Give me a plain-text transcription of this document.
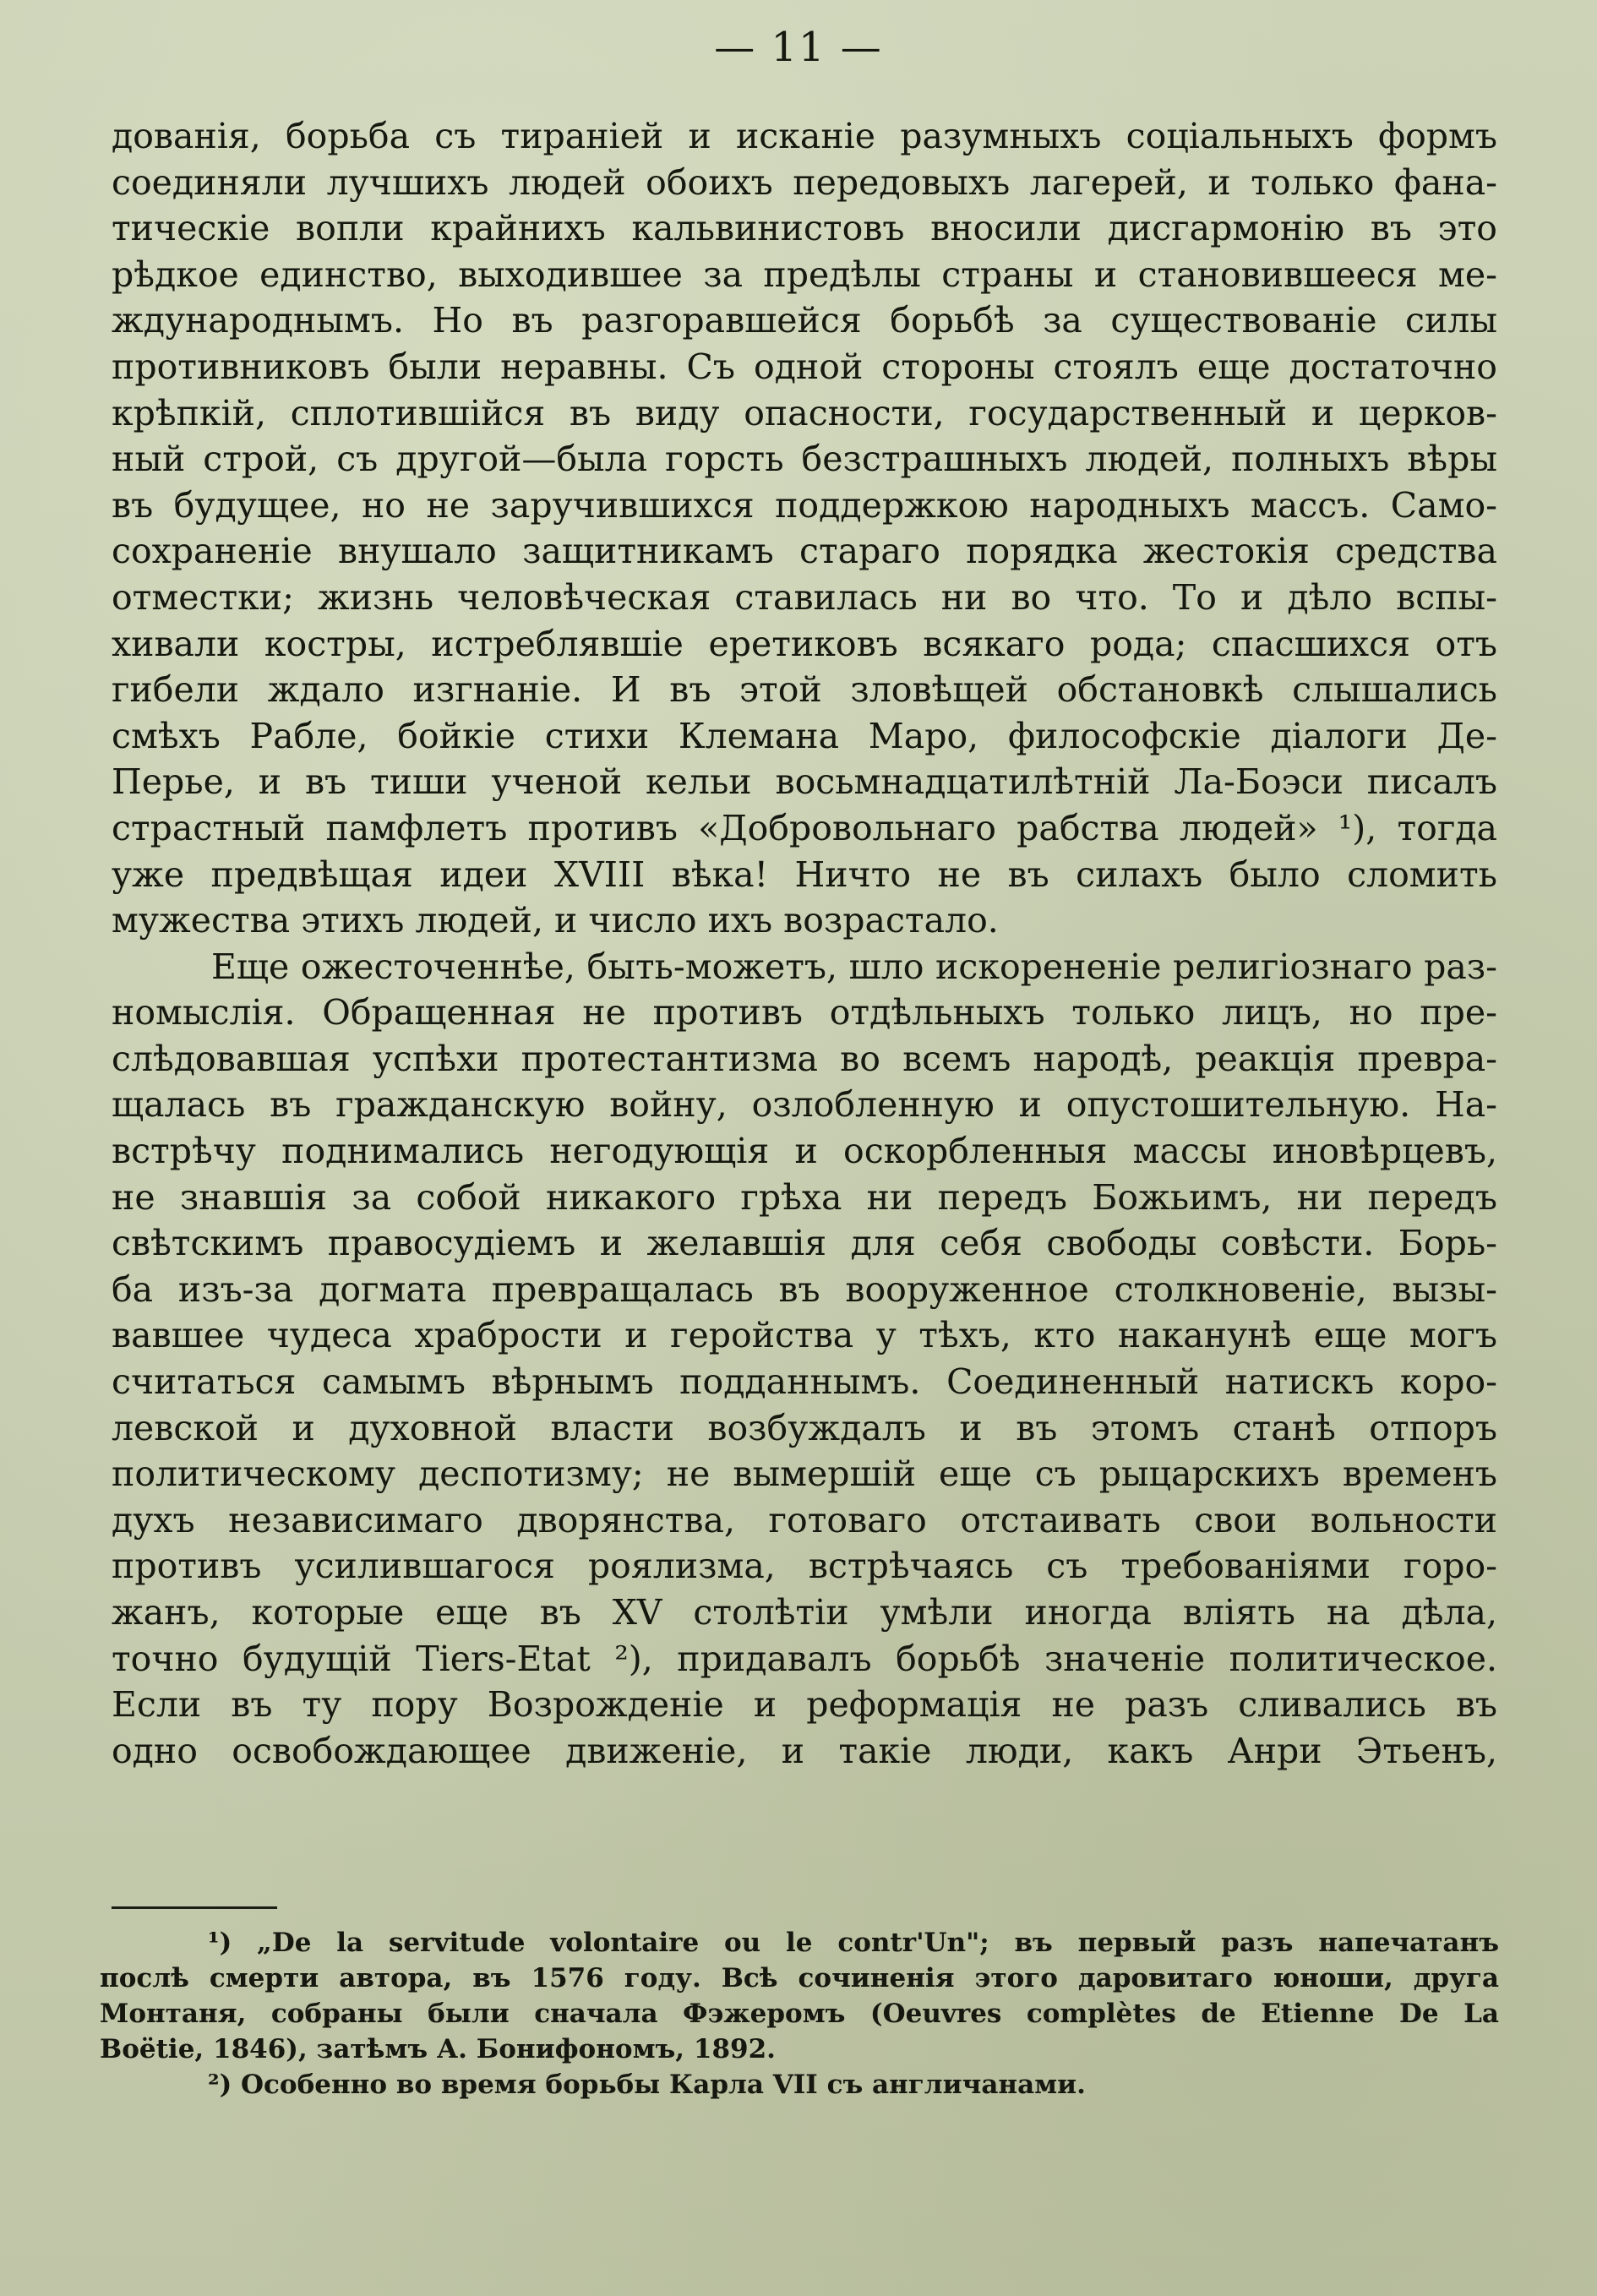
— 11 —
дованія, борьба съ тираніей и исканіе разумныхъ соціальныхъ формъ
соединяли лучшихъ людей обоихъ передовыхъ лагерей, и только фана-
тическіе вопли крайнихъ кальвинистовъ вносили дисгармонію въ это
рѣдкое единство, выходившее за предѣлы страны и становившееся ме-
ждународнымъ. Но въ разгоравшейся борьбѣ за существованіе силы
противниковъ были неравны. Съ одной стороны стоялъ еще достаточно
крѣпкій, сплотившійся въ виду опасности, государственный и церков-
ный строй, съ другой—была горсть безстрашныхъ людей, полныхъ вѣры
въ будущее, но не заручившихся поддержкою народныхъ массъ. Само-
сохраненіе внушало защитникамъ стараго порядка жестокія средства
отместки; жизнь человѣческая ставилась ни во что. То и дѣло вспы-
хивали костры, истреблявшіе еретиковъ всякаго рода; спасшихся отъ
гибели ждало изгнаніе. И въ этой зловѣщей обстановкѣ слышались
смѣхъ Рабле, бойкіе стихи Клемана Маро, философскіе діалоги Де-
Перье, и въ тиши ученой кельи восьмнадцатилѣтній Ла-Боэси писалъ
страстный памфлетъ противъ «Добровольнаго рабства людей» ¹), тогда
уже предвѣщая идеи XVIII вѣка! Ничто не въ силахъ было сломить
мужества этихъ людей, и число ихъ возрастало.
Еще ожесточеннѣе, быть-можетъ, шло искорененіе религіознаго раз-
номыслія. Обращенная не противъ отдѣльныхъ только лицъ, но пре-
слѣдовавшая успѣхи протестантизма во всемъ народѣ, реакція превра-
щалась въ гражданскую войну, озлобленную и опустошительную. На-
встрѣчу поднимались негодующія и оскорбленныя массы иновѣрцевъ,
не знавшія за собой никакого грѣха ни передъ Божьимъ, ни передъ
свѣтскимъ правосудіемъ и желавшія для себя свободы совѣсти. Борь-
ба изъ-за догмата превращалась въ вооруженное столкновеніе, вызы-
вавшее чудеса храбрости и геройства у тѣхъ, кто наканунѣ еще могъ
считаться самымъ вѣрнымъ подданнымъ. Соединенный натискъ коро-
левской и духовной власти возбуждалъ и въ этомъ станѣ отпоръ
политическому деспотизму; не вымершій еще съ рыцарскихъ временъ
духъ независимаго дворянства, готоваго отстаивать свои вольности
противъ усилившагося роялизма, встрѣчаясь съ требованіями горо-
жанъ, которые еще въ XV столѣтіи умѣли иногда вліять на дѣла,
точно будущій Tiers-Etat ²), придавалъ борьбѣ значеніе политическое.
Если въ ту пору Возрожденіе и реформація не разъ сливались въ
одно освобождающее движеніе, и такіе люди, какъ Анри Этьенъ,
¹) „De la servitude volontaire ou le contr'Un"; въ первый разъ напечатанъ
послѣ смерти автора, въ 1576 году. Всѣ сочиненія этого даровитаго юноши, друга
Монтаня, собраны были сначала Фэжеромъ (Oeuvres complètes de Etienne De La
Boëtie, 1846), затѣмъ А. Бонифономъ, 1892.
²) Особенно во время борьбы Карла VII съ англичанами.
